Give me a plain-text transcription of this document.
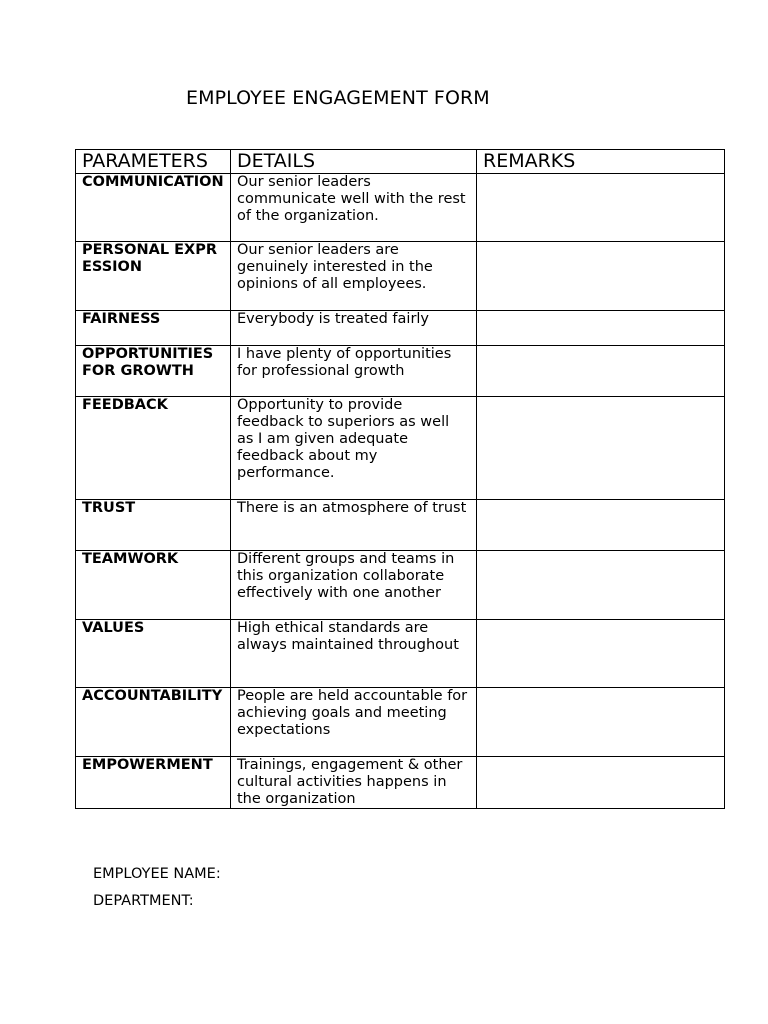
EMPLOYEE ENGAGEMENT FORM
PARAMETERS	DETAILS	REMARKS
COMMUNICATION	Our senior leaders communicate well with the rest of the organization.	
PERSONAL EXPRESSION	Our senior leaders are genuinely interested in the opinions of all employees.	
FAIRNESS	Everybody is treated fairly	
OPPORTUNITIES FOR GROWTH	I have plenty of opportunities for professional growth	
FEEDBACK	Opportunity to provide feedback to superiors as well as I am given adequate feedback about my performance.	
TRUST	There is an atmosphere of trust	
TEAMWORK	Different groups and teams in this organization collaborate effectively with one another	
VALUES	High ethical standards are always maintained throughout	
ACCOUNTABILITY	People are held accountable for achieving goals and meeting expectations	
EMPOWERMENT	Trainings, engagement & other cultural activities happens in the organization	
EMPLOYEE NAME:
DEPARTMENT:
